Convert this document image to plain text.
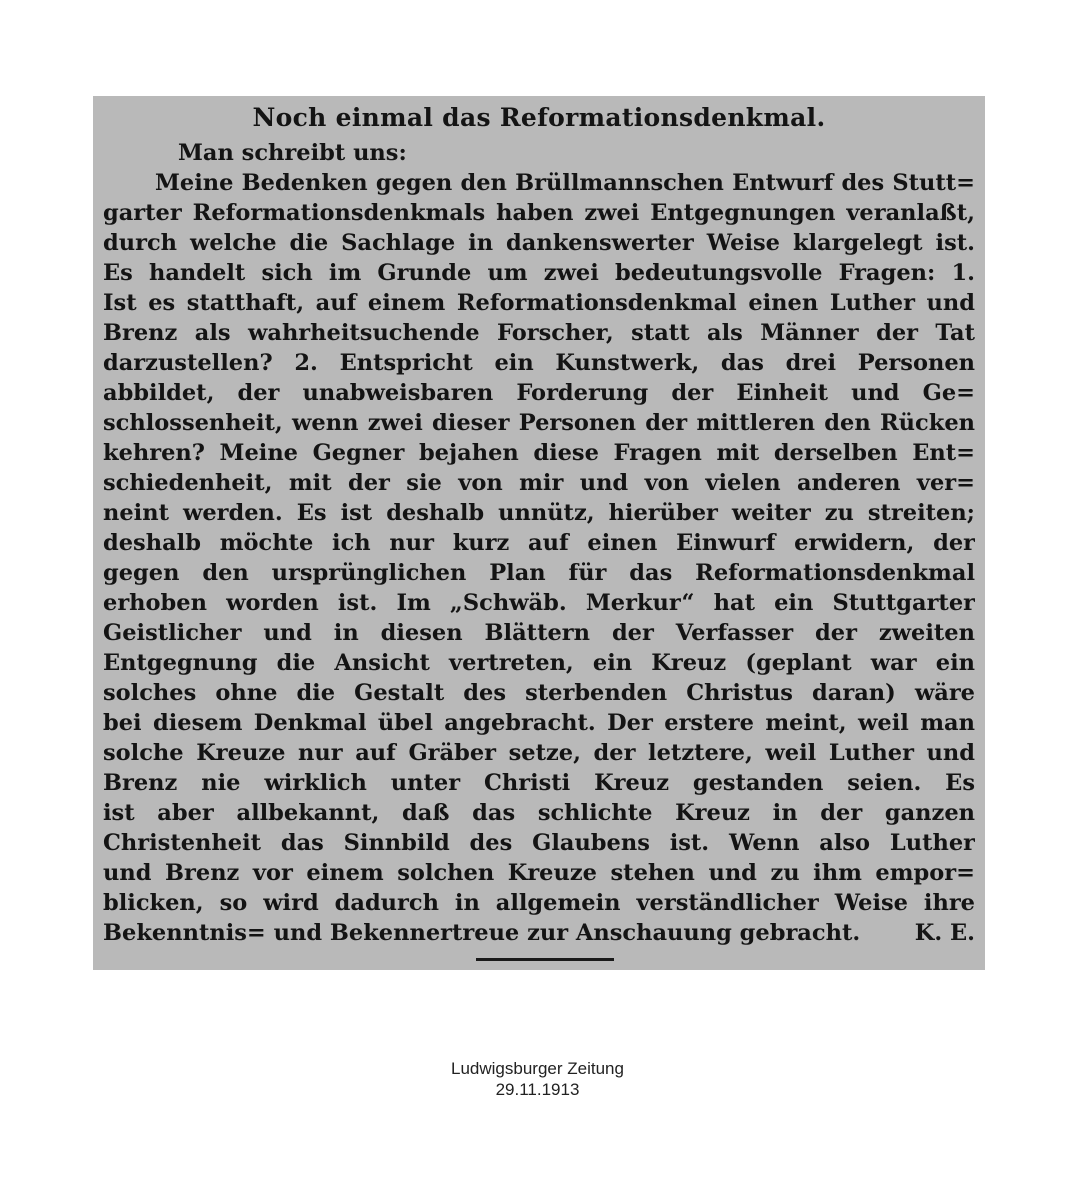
Noch einmal das Reformationsdenkmal.
Man schreibt uns:
Meine Bedenken gegen den Brüllmannschen Entwurf des Stutt=
garter Reformationsdenkmals haben zwei Entgegnungen veranlaßt,
durch welche die Sachlage in dankenswerter Weise klargelegt ist.
Es handelt sich im Grunde um zwei bedeutungsvolle Fragen: 1.
Ist es statthaft, auf einem Reformationsdenkmal einen Luther und
Brenz als wahrheitsuchende Forscher, statt als Männer der Tat
darzustellen? 2. Entspricht ein Kunstwerk, das drei Personen
abbildet, der unabweisbaren Forderung der Einheit und Ge=
schlossenheit, wenn zwei dieser Personen der mittleren den Rücken
kehren? Meine Gegner bejahen diese Fragen mit derselben Ent=
schiedenheit, mit der sie von mir und von vielen anderen ver=
neint werden. Es ist deshalb unnütz, hierüber weiter zu streiten;
deshalb möchte ich nur kurz auf einen Einwurf erwidern, der
gegen den ursprünglichen Plan für das Reformationsdenkmal
erhoben worden ist. Im „Schwäb. Merkur“ hat ein Stuttgarter
Geistlicher und in diesen Blättern der Verfasser der zweiten
Entgegnung die Ansicht vertreten, ein Kreuz (geplant war ein
solches ohne die Gestalt des sterbenden Christus daran) wäre
bei diesem Denkmal übel angebracht. Der erstere meint, weil man
solche Kreuze nur auf Gräber setze, der letztere, weil Luther und
Brenz nie wirklich unter Christi Kreuz gestanden seien. Es
ist aber allbekannt, daß das schlichte Kreuz in der ganzen
Christenheit das Sinnbild des Glaubens ist. Wenn also Luther
und Brenz vor einem solchen Kreuze stehen und zu ihm empor=
blicken, so wird dadurch in allgemein verständlicher Weise ihre
Bekenntnis= und Bekennertreue zur Anschauung gebracht. K. E.
Ludwigsburger Zeitung
29.11.1913
